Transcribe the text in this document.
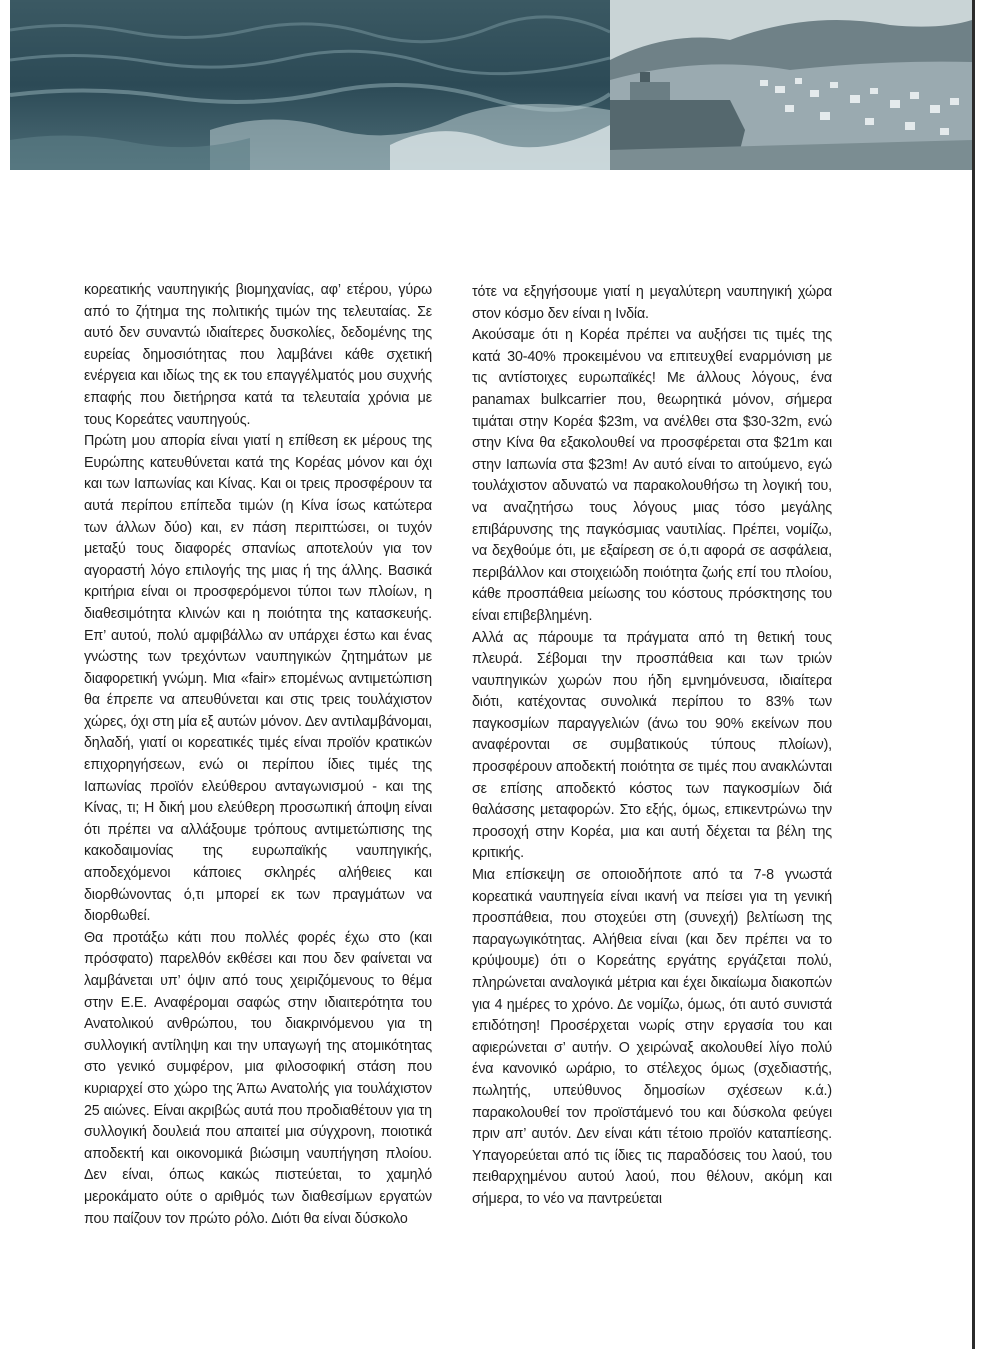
κορεατικής ναυπηγικής βιομηχανίας, αφ’ ετέρου, γύρω από το ζήτημα της πολιτικής τιμών της τελευταίας. Σε αυτό δεν συναντώ ιδιαίτερες δυσκολίες, δεδομένης της ευρείας δημοσιότητας που λαμβάνει κάθε σχετική ενέργεια και ιδίως της εκ του επαγγέλματός μου συχνής επαφής που διετήρησα κατά τα τελευταία χρόνια με τους Κορεάτες ναυπηγούς.

Πρώτη μου απορία είναι γιατί η επίθεση εκ μέρους της Ευρώπης κατευθύνεται κατά της Κορέας μόνον και όχι και των Ιαπωνίας και Κίνας. Και οι τρεις προσφέρουν τα αυτά περίπου επίπεδα τιμών (η Κίνα ίσως κατώτερα των άλλων δύο) και, εν πάση περιπτώσει, οι τυχόν μεταξύ τους διαφορές σπανίως αποτελούν για τον αγοραστή λόγο επιλογής της μιας ή της άλλης. Βασικά κριτήρια είναι οι προσφερόμενοι τύποι των πλοίων, η διαθεσιμότητα κλινών και η ποιότητα της κατασκευής. Επ’ αυτού, πολύ αμφιβάλλω αν υπάρχει έστω και ένας γνώστης των τρεχόντων ναυπηγικών ζητημάτων με διαφορετική γνώμη. Μια «fair» επομένως αντιμετώπιση θα έπρεπε να απευθύνεται και στις τρεις τουλάχιστον χώρες, όχι στη μία εξ αυτών μόνον. Δεν αντιλαμβάνομαι, δηλαδή, γιατί οι κορεατικές τιμές είναι προϊόν κρατικών επιχορηγήσεων, ενώ οι περίπου ίδιες τιμές της Ιαπωνίας προϊόν ελεύθερου ανταγωνισμού - και της Κίνας, τι; Η δική μου ελεύθερη προσωπική άποψη είναι ότι πρέπει να αλλάξουμε τρόπους αντιμετώπισης της κακοδαιμονίας της ευρωπαϊκής ναυπηγικής, αποδεχόμενοι κάποιες σκληρές αλήθειες και διορθώνοντας ό,τι μπορεί εκ των πραγμάτων να διορθωθεί.

Θα προτάξω κάτι που πολλές φορές έχω στο (και πρόσφατο) παρελθόν εκθέσει και που δεν φαίνεται να λαμβάνεται υπ’ όψιν από τους χειριζόμενους το θέμα στην Ε.Ε. Αναφέρομαι σαφώς στην ιδιαιτερότητα του Ανατολικού ανθρώπου, του διακρινόμενου για τη συλλογική αντίληψη και την υπαγωγή της ατομικότητας στο γενικό συμφέρον, μια φιλοσοφική στάση που κυριαρχεί στο χώρο της Άπω Ανατολής για τουλάχιστον 25 αιώνες. Είναι ακριβώς αυτά που προδιαθέτουν για τη συλλογική δουλειά που απαιτεί μια σύγχρονη, ποιοτικά αποδεκτή και οικονομικά βιώσιμη ναυπήγηση πλοίου. Δεν είναι, όπως κακώς πιστεύεται, το χαμηλό μεροκάματο ούτε ο αριθμός των διαθεσίμων εργατών που παίζουν τον πρώτο ρόλο. Διότι θα είναι δύσκολο

τότε να εξηγήσουμε γιατί η μεγαλύτερη ναυπηγική χώρα στον κόσμο δεν είναι η Ινδία.

Ακούσαμε ότι η Κορέα πρέπει να αυξήσει τις τιμές της κατά 30-40% προκειμένου να επιτευχθεί εναρμόνιση με τις αντίστοιχες ευρωπαϊκές! Με άλλους λόγους, ένα panamax bulkcarrier που, θεωρητικά μόνον, σήμερα τιμάται στην Κορέα $23m, να ανέλθει στα $30-32m, ενώ στην Κίνα θα εξακολουθεί να προσφέρεται στα $21m και στην Ιαπωνία στα $23m! Αν αυτό είναι το αιτούμενο, εγώ τουλάχιστον αδυνατώ να παρακολουθήσω τη λογική του, να αναζητήσω τους λόγους μιας τόσο μεγάλης επιβάρυνσης της παγκόσμιας ναυτιλίας. Πρέπει, νομίζω, να δεχθούμε ότι, με εξαίρεση σε ό,τι αφορά σε ασφάλεια, περιβάλλον και στοιχειώδη ποιότητα ζωής επί του πλοίου, κάθε προσπάθεια μείωσης του κόστους πρόσκτησης του είναι επιβεβλημένη.

Αλλά ας πάρουμε τα πράγματα από τη θετική τους πλευρά. Σέβομαι την προσπάθεια και των τριών ναυπηγικών χωρών που ήδη εμνημόνευσα, ιδιαίτερα διότι, κατέχοντας συνολικά περίπου το 83% των παγκοσμίων παραγγελιών (άνω του 90% εκείνων που αναφέρονται σε συμβατικούς τύπους πλοίων), προσφέρουν αποδεκτή ποιότητα σε τιμές που ανακλώνται σε επίσης αποδεκτό κόστος των παγκοσμίων διά θαλάσσης μεταφορών. Στο εξής, όμως, επικεντρώνω την προσοχή στην Κορέα, μια και αυτή δέχεται τα βέλη της κριτικής.

Μια επίσκεψη σε οποιοδήποτε από τα 7-8 γνωστά κορεατικά ναυπηγεία είναι ικανή να πείσει για τη γενική προσπάθεια, που στοχεύει στη (συνεχή) βελτίωση της παραγωγικότητας. Αλήθεια είναι (και δεν πρέπει να το κρύψουμε) ότι ο Κορεάτης εργάτης εργάζεται πολύ, πληρώνεται αναλογικά μέτρια και έχει δικαίωμα διακοπών για 4 ημέρες το χρόνο. Δε νομίζω, όμως, ότι αυτό συνιστά επιδότηση! Προσέρχεται νωρίς στην εργασία του και αφιερώνεται σ’ αυτήν. Ο χειρώναξ ακολουθεί λίγο πολύ ένα κανονικό ωράριο, το στέλεχος όμως (σχεδιαστής, πωλητής, υπεύθυνος δημοσίων σχέσεων κ.ά.) παρακολουθεί τον προϊστάμενό του και δύσκολα φεύγει πριν απ’ αυτόν. Δεν είναι κάτι τέτοιο προϊόν καταπίεσης. Υπαγορεύεται από τις ίδιες τις παραδόσεις του λαού, του πειθαρχημένου αυτού λαού, που θέλουν, ακόμη και σήμερα, το νέο να παντρεύεται
